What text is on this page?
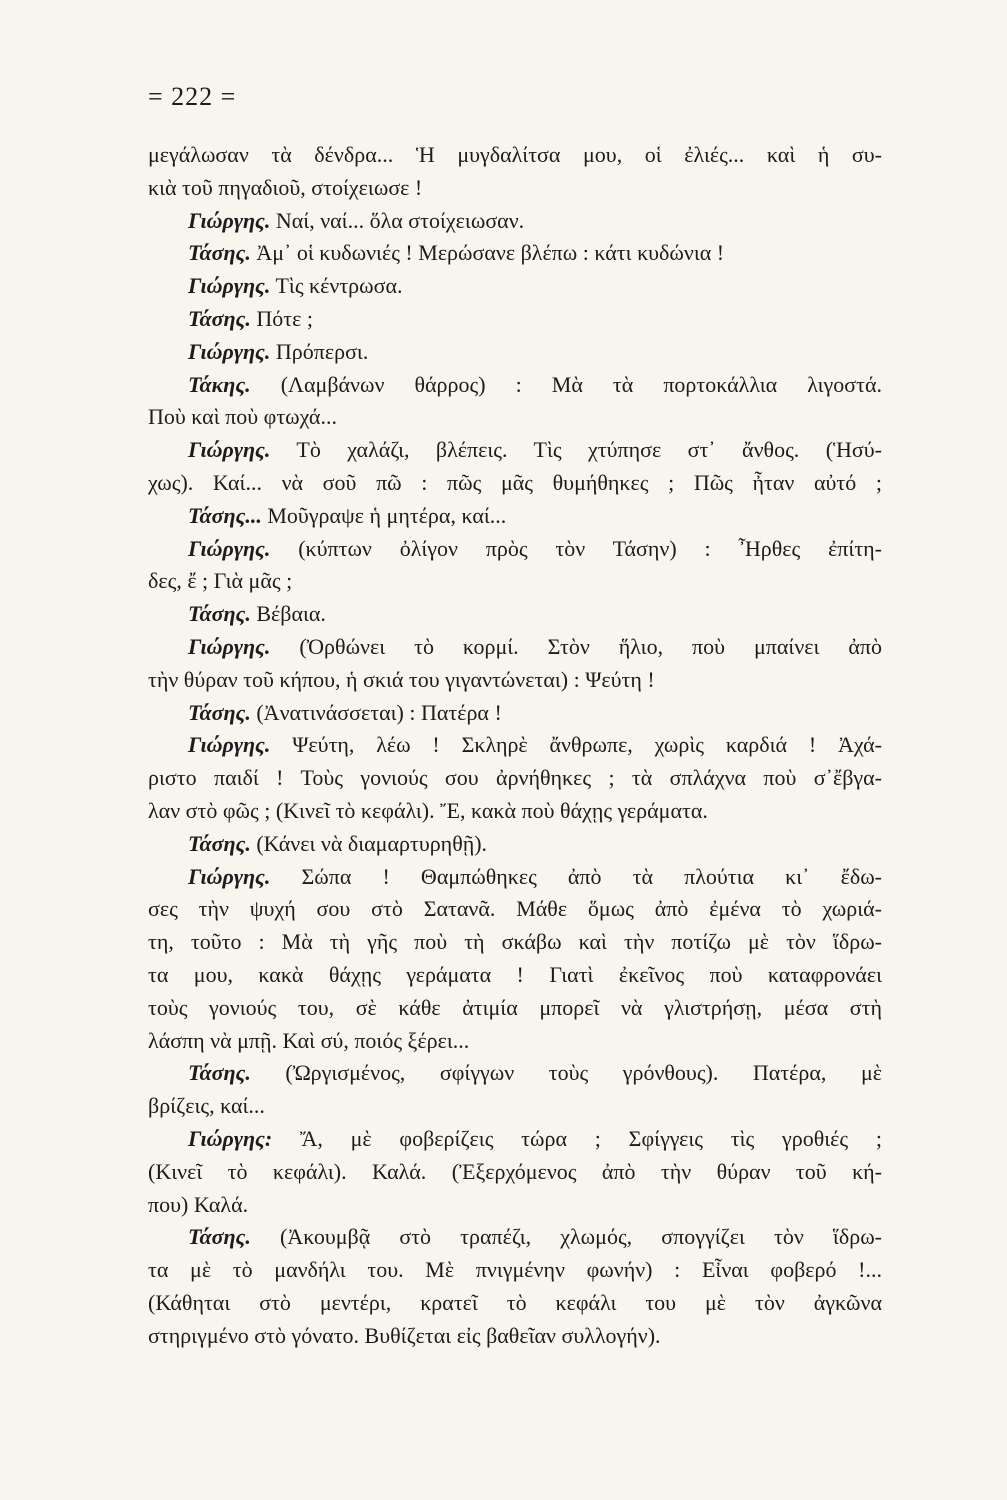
= 222 =
μεγάλωσαν τὰ δένδρα... Ἡ μυγδαλίτσα μου, οἱ ἐλιές... καὶ ἡ συ-
κιὰ τοῦ πηγαδιοῦ, στοίχειωσε !
Γιώργης. Ναί, ναί... ὅλα στοίχειωσαν.
Τάσης. Ἀμ᾽ οἱ κυδωνιές ! Μερώσανε βλέπω : κάτι κυδώνια !
Γιώργης. Τὶς κέντρωσα.
Τάσης. Πότε ;
Γιώργης. Πρόπερσι.
Τάκης. (Λαμβάνων θάρρος) : Μὰ τὰ πορτοκάλλια λιγοστά.
Ποὺ καὶ ποὺ φτωχά...
Γιώργης. Τὸ χαλάζι, βλέπεις. Τὶς χτύπησε στ᾽ ἄνθος. (Ἡσύ-
χως). Καί... νὰ σοῦ πῶ : πῶς μᾶς θυμήθηκες ; Πῶς ἦταν αὐτό ;
Τάσης... Μοῦγραψε ἡ μητέρα, καί...
Γιώργης. (κύπτων ὀλίγον πρὸς τὸν Τάσην) : Ἦρθες ἐπίτη-
δες, ἔ ; Γιὰ μᾶς ;
Τάσης. Βέβαια.
Γιώργης. (Ὀρθώνει τὸ κορμί. Στὸν ἥλιο, ποὺ μπαίνει ἀπὸ
τὴν θύραν τοῦ κήπου, ἡ σκιά του γιγαντώνεται) : Ψεύτη !
Τάσης. (Ἀνατινάσσεται) : Πατέρα !
Γιώργης. Ψεύτη, λέω ! Σκληρὲ ἄνθρωπε, χωρὶς καρδιά ! Ἀχά-
ριστο παιδί ! Τοὺς γονιούς σου ἀρνήθηκες ; τὰ σπλάχνα ποὺ σ᾽ἔβγα-
λαν στὸ φῶς ; (Κινεῖ τὸ κεφάλι). Ἔ, κακὰ ποὺ θάχῃς γεράματα.
Τάσης. (Κάνει νὰ διαμαρτυρηθῇ).
Γιώργης. Σώπα ! Θαμπώθηκες ἀπὸ τὰ πλούτια κι᾽ ἔδω-
σες τὴν ψυχή σου στὸ Σατανᾶ. Μάθε ὅμως ἀπὸ ἐμένα τὸ χωριά-
τη, τοῦτο : Μὰ τὴ γῆς ποὺ τὴ σκάβω καὶ τὴν ποτίζω μὲ τὸν ἵδρω-
τα μου, κακὰ θάχῃς γεράματα ! Γιατὶ ἐκεῖνος ποὺ καταφρονάει
τοὺς γονιούς του, σὲ κάθε ἀτιμία μπορεῖ νὰ γλιστρήσῃ, μέσα στὴ
λάσπη νὰ μπῇ. Καὶ σύ, ποιός ξέρει...
Τάσης. (Ὠργισμένος, σφίγγων τοὺς γρόνθους). Πατέρα, μὲ
βρίζεις, καί...
Γιώργης: Ἄ, μὲ φοβερίζεις τώρα ; Σφίγγεις τὶς γροθιές ;
(Κινεῖ τὸ κεφάλι). Καλά. (Ἐξερχόμενος ἀπὸ τὴν θύραν τοῦ κή-
που) Καλά.
Τάσης. (Ἀκουμβᾷ στὸ τραπέζι, χλωμός, σπογγίζει τὸν ἵδρω-
τα μὲ τὸ μανδήλι του. Μὲ πνιγμένην φωνήν) : Εἶναι φοβερό !...
(Κάθηται στὸ μεντέρι, κρατεῖ τὸ κεφάλι του μὲ τὸν ἀγκῶνα
στηριγμένο στὸ γόνατο. Βυθίζεται εἰς βαθεῖαν συλλογήν).
